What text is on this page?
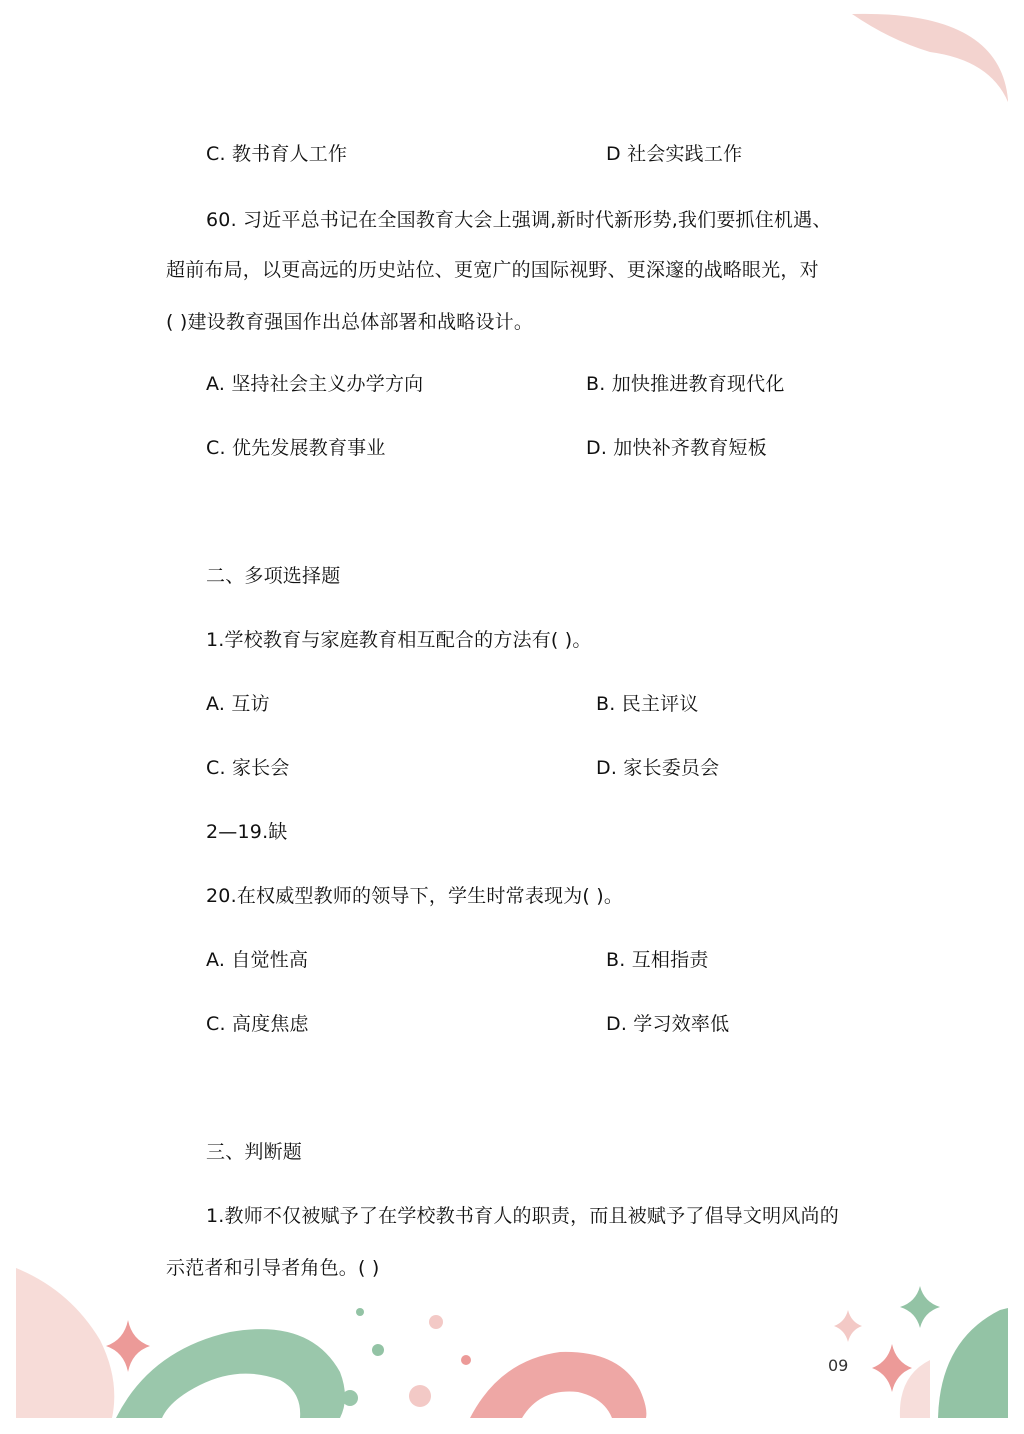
C. 教书育人工作	D 社会实践工作
60. 习近平总书记在全国教育大会上强调,新时代新形势,我们要抓住机遇、
超前布局，以更高远的历史站位、更宽广的国际视野、更深邃的战略眼光，对
( )建设教育强国作出总体部署和战略设计。
A. 坚持社会主义办学方向	B. 加快推进教育现代化
C. 优先发展教育事业	D. 加快补齐教育短板
二、多项选择题
1.学校教育与家庭教育相互配合的方法有( )。
A. 互访	B. 民主评议
C. 家长会	D. 家长委员会
2—19.缺
20.在权威型教师的领导下，学生时常表现为( )。
A. 自觉性高	B. 互相指责
C. 高度焦虑	D. 学习效率低
三、判断题
1.教师不仅被赋予了在学校教书育人的职责，而且被赋予了倡导文明风尚的
示范者和引导者角色。( )
09
